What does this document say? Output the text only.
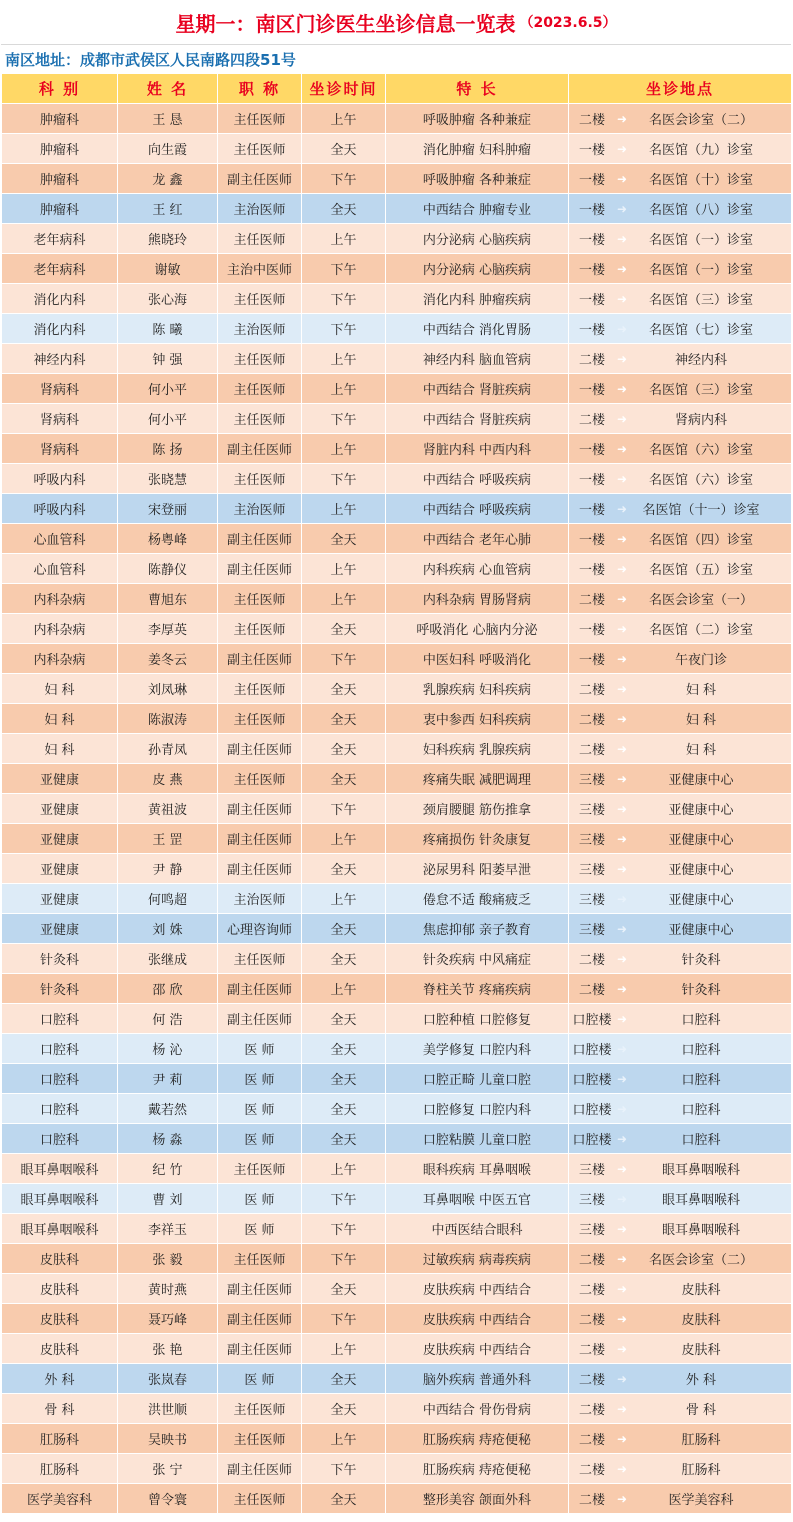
星期一：南区门诊医生坐诊信息一览表 （2023.6.5）
南区地址：成都市武侯区人民南路四段51号
科 别	姓 名	职 称	坐诊时间	特 长	坐诊地点
肿瘤科	王 恳	主任医师	上午	呼吸肿瘤 各种兼症	二楼 ➜ 名医会诊室（二）

肿瘤科	向生霞	主任医师	全天	消化肿瘤 妇科肿瘤	一楼 ➜ 名医馆（九）诊室

肿瘤科	龙 鑫	副主任医师	下午	呼吸肿瘤 各种兼症	一楼 ➜ 名医馆（十）诊室

肿瘤科	王 红	主治医师	全天	中西结合 肿瘤专业	一楼 ➜ 名医馆（八）诊室

老年病科	熊晓玲	主任医师	上午	内分泌病 心脑疾病	一楼 ➜ 名医馆（一）诊室

老年病科	谢敏	主治中医师	下午	内分泌病 心脑疾病	一楼 ➜ 名医馆（一）诊室

消化内科	张心海	主任医师	下午	消化内科 肿瘤疾病	一楼 ➜ 名医馆（三）诊室

消化内科	陈 曦	主治医师	下午	中西结合 消化胃肠	一楼 ➜ 名医馆（七）诊室

神经内科	钟 强	主任医师	上午	神经内科 脑血管病	二楼 ➜ 神经内科

肾病科	何小平	主任医师	上午	中西结合 肾脏疾病	一楼 ➜ 名医馆（三）诊室

肾病科	何小平	主任医师	下午	中西结合 肾脏疾病	二楼 ➜ 肾病内科

肾病科	陈 扬	副主任医师	上午	肾脏内科 中西内科	一楼 ➜ 名医馆（六）诊室

呼吸内科	张晓慧	主任医师	下午	中西结合 呼吸疾病	一楼 ➜ 名医馆（六）诊室

呼吸内科	宋登丽	主治医师	上午	中西结合 呼吸疾病	一楼 ➜ 名医馆（十一）诊室

心血管科	杨粤峰	副主任医师	全天	中西结合 老年心肺	一楼 ➜ 名医馆（四）诊室

心血管科	陈静仪	副主任医师	上午	内科疾病 心血管病	一楼 ➜ 名医馆（五）诊室

内科杂病	曹旭东	主任医师	上午	内科杂病 胃肠肾病	二楼 ➜ 名医会诊室（一）

内科杂病	李厚英	主任医师	全天	呼吸消化 心脑内分泌	一楼 ➜ 名医馆（二）诊室

内科杂病	姜冬云	副主任医师	下午	中医妇科 呼吸消化	一楼 ➜ 午夜门诊

妇 科	刘凤琳	主任医师	全天	乳腺疾病 妇科疾病	二楼 ➜ 妇 科

妇 科	陈淑涛	主任医师	全天	衷中参西 妇科疾病	二楼 ➜ 妇 科

妇 科	孙青凤	副主任医师	全天	妇科疾病 乳腺疾病	二楼 ➜ 妇 科

亚健康	皮 燕	主任医师	全天	疼痛失眠 减肥调理	三楼 ➜ 亚健康中心

亚健康	黄祖波	副主任医师	下午	颈肩腰腿 筋伤推拿	三楼 ➜ 亚健康中心

亚健康	王 罡	副主任医师	上午	疼痛损伤 针灸康复	三楼 ➜ 亚健康中心

亚健康	尹 静	副主任医师	全天	泌尿男科 阳萎早泄	三楼 ➜ 亚健康中心

亚健康	何鸣超	主治医师	上午	倦怠不适 酸痛疲乏	三楼 ➜ 亚健康中心

亚健康	刘 姝	心理咨询师	全天	焦虑抑郁 亲子教育	三楼 ➜ 亚健康中心

针灸科	张继成	主任医师	全天	针灸疾病 中风痛症	二楼 ➜ 针灸科

针灸科	邵 欣	副主任医师	上午	脊柱关节 疼痛疾病	二楼 ➜ 针灸科

口腔科	何 浩	副主任医师	全天	口腔种植 口腔修复	口腔楼 ➜ 口腔科

口腔科	杨 沁	医 师	全天	美学修复 口腔内科	口腔楼 ➜ 口腔科

口腔科	尹 莉	医 师	全天	口腔正畸 儿童口腔	口腔楼 ➜ 口腔科

口腔科	戴若然	医 师	全天	口腔修复 口腔内科	口腔楼 ➜ 口腔科

口腔科	杨 淼	医 师	全天	口腔粘膜 儿童口腔	口腔楼 ➜ 口腔科

眼耳鼻咽喉科	纪 竹	主任医师	上午	眼科疾病 耳鼻咽喉	三楼 ➜ 眼耳鼻咽喉科

眼耳鼻咽喉科	曹 刘	医 师	下午	耳鼻咽喉 中医五官	三楼 ➜ 眼耳鼻咽喉科

眼耳鼻咽喉科	李祥玉	医 师	下午	中西医结合眼科	三楼 ➜ 眼耳鼻咽喉科

皮肤科	张 毅	主任医师	下午	过敏疾病 病毒疾病	二楼 ➜ 名医会诊室（二）

皮肤科	黄时燕	副主任医师	全天	皮肤疾病 中西结合	二楼 ➜ 皮肤科

皮肤科	聂巧峰	副主任医师	下午	皮肤疾病 中西结合	二楼 ➜ 皮肤科

皮肤科	张 艳	副主任医师	上午	皮肤疾病 中西结合	二楼 ➜ 皮肤科

外 科	张岚春	医 师	全天	脑外疾病 普通外科	二楼 ➜ 外 科

骨 科	洪世顺	主任医师	全天	中西结合 骨伤骨病	二楼 ➜ 骨 科

肛肠科	吴映书	主任医师	上午	肛肠疾病 痔疮便秘	二楼 ➜ 肛肠科

肛肠科	张 宁	副主任医师	下午	肛肠疾病 痔疮便秘	二楼 ➜ 肛肠科

医学美容科	曾令寰	主任医师	全天	整形美容 颌面外科	二楼 ➜ 医学美容科
